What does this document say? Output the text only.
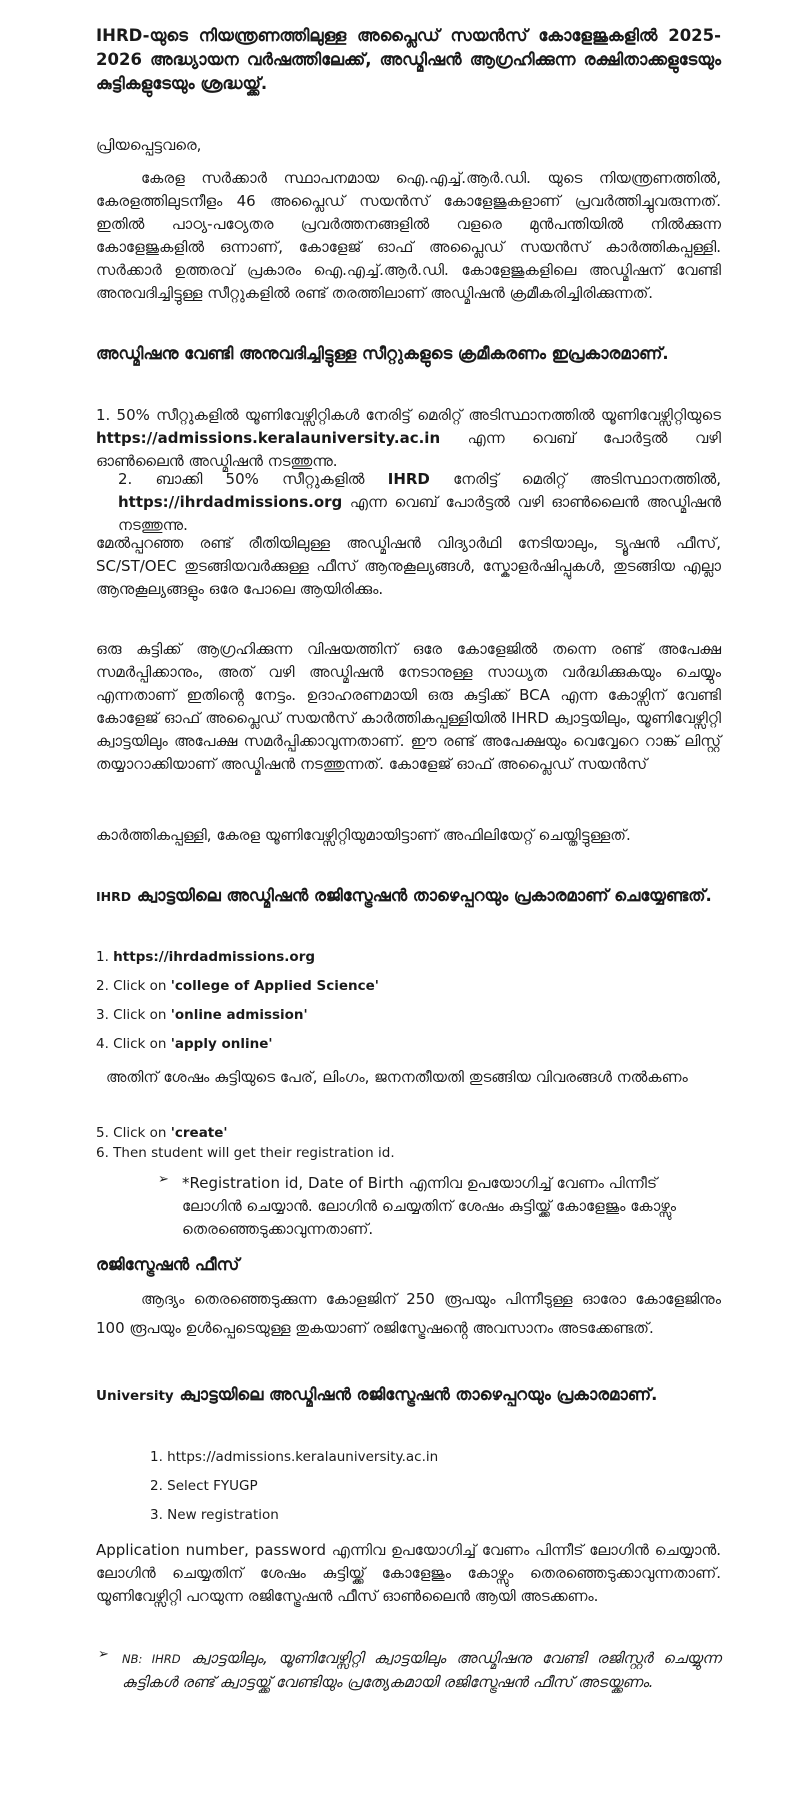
IHRD-യുടെ നിയന്ത്രണത്തിലുള്ള അപ്ലൈഡ് സയൻസ് കോളേജുകളിൽ 2025-2026 അദ്ധ്യായന വർഷത്തിലേക്ക്, അഡ്മിഷൻ ആഗ്രഹിക്കുന്ന രക്ഷിതാക്കളുടേയും കുട്ടികളുടേയും ശ്രദ്ധയ്ക്ക്.

പ്രിയപ്പെട്ടവരെ,

കേരള സർക്കാർ സ്ഥാപനമായ ഐ.എച്ച്.ആർ.ഡി. യുടെ നിയന്ത്രണത്തിൽ, കേരളത്തിലുടനീളം 46 അപ്ലൈഡ് സയൻസ് കോളേജുകളാണ് പ്രവർത്തിച്ചുവരുന്നത്. ഇതിൽ പാഠ്യ-പഠ്യേതര പ്രവർത്തനങ്ങളിൽ വളരെ മുൻപന്തിയിൽ നിൽക്കുന്ന കോളേജുകളിൽ ഒന്നാണ്, കോളേജ് ഓഫ് അപ്ലൈഡ് സയൻസ് കാർത്തികപ്പള്ളി. സർക്കാർ ഉത്തരവ് പ്രകാരം ഐ.എച്ച്.ആർ.ഡി. കോളേജുകളിലെ അഡ്മിഷന് വേണ്ടി അനുവദിച്ചിട്ടുള്ള സീറ്റുകളിൽ രണ്ട് തരത്തിലാണ് അഡ്മിഷൻ ക്രമീകരിച്ചിരിക്കുന്നത്.

അഡ്മിഷനു വേണ്ടി അനുവദിച്ചിട്ടുള്ള സീറ്റുകളുടെ ക്രമീകരണം ഇപ്രകാരമാണ്.

1. 50% സീറ്റുകളിൽ യൂണിവേഴ്സിറ്റികൾ നേരിട്ട് മെരിറ്റ് അടിസ്ഥാനത്തിൽ യൂണിവേഴ്സിറ്റിയുടെ https://admissions.keralauniversity.ac.in എന്ന വെബ് പോർട്ടൽ വഴി ഓൺലൈൻ അഡ്മിഷൻ നടത്തുന്നു.

2. ബാക്കി 50% സീറ്റുകളിൽ IHRD നേരിട്ട് മെരിറ്റ് അടിസ്ഥാനത്തിൽ, https://ihrdadmissions.org എന്ന വെബ് പോർട്ടൽ വഴി ഓൺലൈൻ അഡ്മിഷൻ നടത്തുന്നു.

മേൽപ്പറഞ്ഞ രണ്ട് രീതിയിലുള്ള അഡ്മിഷൻ വിദ്യാർഥി നേടിയാലും, ട്യൂഷൻ ഫീസ്, SC/ST/OEC തുടങ്ങിയവർക്കുള്ള ഫീസ് ആനുകൂല്യങ്ങൾ, സ്കോളർഷിപ്പുകൾ, തുടങ്ങിയ എല്ലാ ആനുകൂല്യങ്ങളും ഒരേ പോലെ ആയിരിക്കും.

ഒരു കുട്ടിക്ക് ആഗ്രഹിക്കുന്ന വിഷയത്തിന് ഒരേ കോളേജിൽ തന്നെ രണ്ട് അപേക്ഷ സമർപ്പിക്കാനും, അത് വഴി അഡ്മിഷൻ നേടാനുള്ള സാധ്യത വർദ്ധിക്കുകയും ചെയ്യും എന്നതാണ് ഇതിൻ്റെ നേട്ടം. ഉദാഹരണമായി ഒരു കുട്ടിക്ക് BCA എന്ന കോഴ്സിന് വേണ്ടി കോളേജ് ഓഫ് അപ്ലൈഡ് സയൻസ് കാർത്തികപ്പള്ളിയിൽ IHRD ക്വാട്ടയിലും, യൂണിവേഴ്സിറ്റി ക്വാട്ടയിലും അപേക്ഷ സമർപ്പിക്കാവുന്നതാണ്. ഈ രണ്ട് അപേക്ഷയും വെവ്വേറെ റാങ്ക് ലിസ്റ്റ് തയ്യാറാക്കിയാണ് അഡ്മിഷൻ നടത്തുന്നത്. കോളേജ് ഓഫ് അപ്ലൈഡ് സയൻസ്

കാർത്തികപ്പള്ളി, കേരള യൂണിവേഴ്സിറ്റിയുമായിട്ടാണ് അഫിലിയേറ്റ് ചെയ്തിട്ടുള്ളത്.

IHRD ക്വാട്ടയിലെ അഡ്മിഷൻ രജിസ്ട്രേഷൻ താഴെപ്പറയും പ്രകാരമാണ് ചെയ്യേണ്ടത്.

1. https://ihrdadmissions.org

2. Click on 'college of Applied Science'

3. Click on 'online admission'

4. Click on 'apply online'

അതിന് ശേഷം കുട്ടിയുടെ പേര്, ലിംഗം, ജനനതീയതി തുടങ്ങിയ വിവരങ്ങൾ നൽകണം

5. Click on 'create'

6. Then student will get their registration id.

➢ *Registration id, Date of Birth എന്നിവ ഉപയോഗിച്ച് വേണം പിന്നീട് ലോഗിൻ ചെയ്യാൻ. ലോഗിൻ ചെയ്യതിന് ശേഷം കുട്ടിയ്ക്ക് കോളേജും കോഴ്സും തെരഞ്ഞെടുക്കാവുന്നതാണ്.

രജിസ്ട്രേഷൻ ഫീസ്

ആദ്യം തെരഞ്ഞെടുക്കുന്ന കോളജിന് 250 രൂപയും പിന്നീടുള്ള ഓരോ കോളേജിനും 100 രൂപയും ഉൾപ്പെടെയുള്ള തുകയാണ് രജിസ്ട്രേഷൻ്റെ അവസാനം അടക്കേണ്ടത്.

University ക്വാട്ടയിലെ അഡ്മിഷൻ രജിസ്ട്രേഷൻ താഴെപ്പറയും പ്രകാരമാണ്.

1. https://admissions.keralauniversity.ac.in

2. Select FYUGP

3. New registration

Application number, password എന്നിവ ഉപയോഗിച്ച് വേണം പിന്നീട് ലോഗിൻ ചെയ്യാൻ. ലോഗിൻ ചെയ്യതിന് ശേഷം കുട്ടിയ്ക്ക് കോളേജും കോഴ്സും തെരഞ്ഞെടുക്കാവുന്നതാണ്. യൂണിവേഴ്സിറ്റി പറയുന്ന രജിസ്ട്രേഷൻ ഫീസ് ഓൺലൈൻ ആയി അടക്കണം.

➢ NB: IHRD ക്വാട്ടയിലും, യൂണിവേഴ്സിറ്റി ക്വാട്ടയിലും അഡ്മിഷനു വേണ്ടി രജിസ്റ്റർ ചെയ്യുന്ന കുട്ടികൾ രണ്ട് ക്വാട്ടയ്ക്ക് വേണ്ടിയും പ്രത്യേകമായി രജിസ്ട്രേഷൻ ഫീസ് അടയ്ക്കണം.
